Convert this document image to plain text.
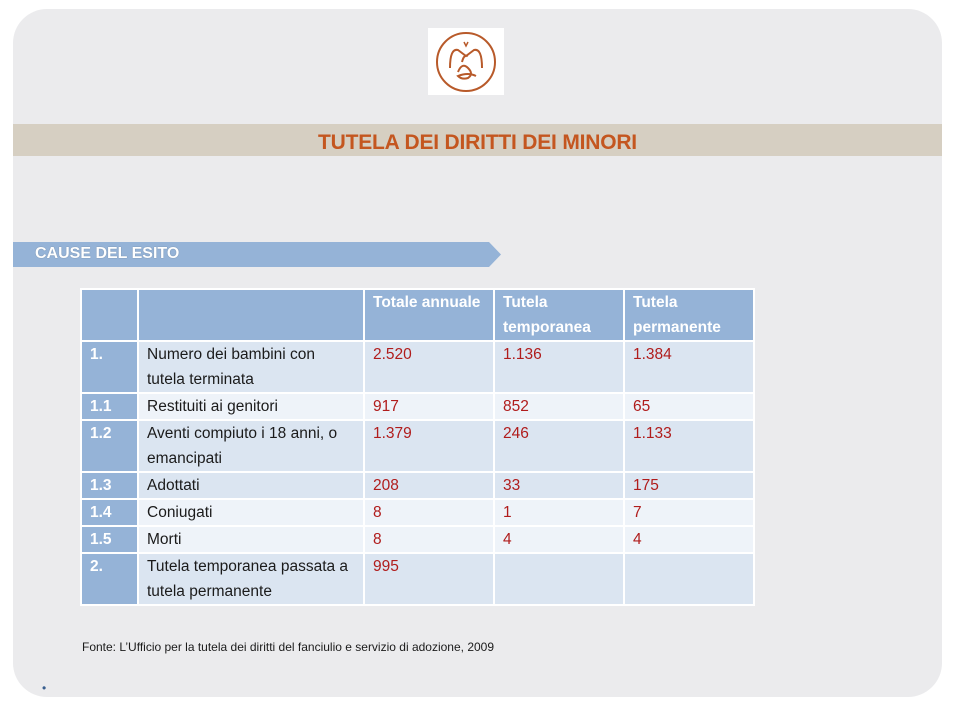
TUTELA DEI DIRITTI DEI MINORI
CAUSE DEL ESITO
		Totale annuale	Tutela temporanea	Tutela permanente
1.	Numero dei bambini con tutela terminata	2.520	1.136	1.384
1.1	Restituiti ai genitori	917	852	65
1.2	Aventi compiuto i 18 anni, o emancipati	1.379	246	1.133
1.3	Adottati	208	33	175
1.4	Coniugati	8	1	7
1.5	Morti	8	4	4
2.	Tutela temporanea passata a tutela permanente	995		
Fonte: L’Ufficio per la tutela dei diritti del fanciulio e servizio di adozione, 2009
•
